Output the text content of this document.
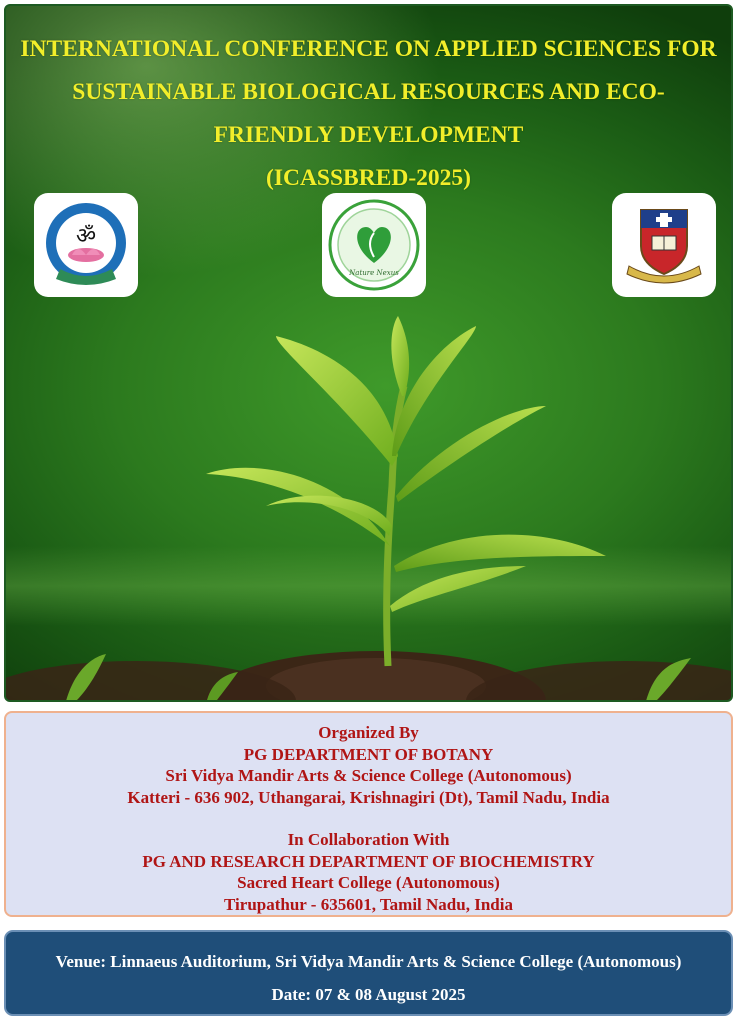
INTERNATIONAL CONFERENCE ON APPLIED SCIENCES FOR
SUSTAINABLE BIOLOGICAL RESOURCES AND ECO-
FRIENDLY DEVELOPMENT
(ICASSBRED-2025)
ॐ
Nature Nexus
Organized By
PG DEPARTMENT OF BOTANY
Sri Vidya Mandir Arts & Science College (Autonomous)
Katteri - 636 902, Uthangarai, Krishnagiri (Dt), Tamil Nadu, India
In Collaboration With
PG AND RESEARCH DEPARTMENT OF BIOCHEMISTRY
Sacred Heart College (Autonomous)
Tirupathur - 635601, Tamil Nadu, India
Venue: Linnaeus Auditorium, Sri Vidya Mandir Arts & Science College (Autonomous)
Date: 07 & 08 August 2025
